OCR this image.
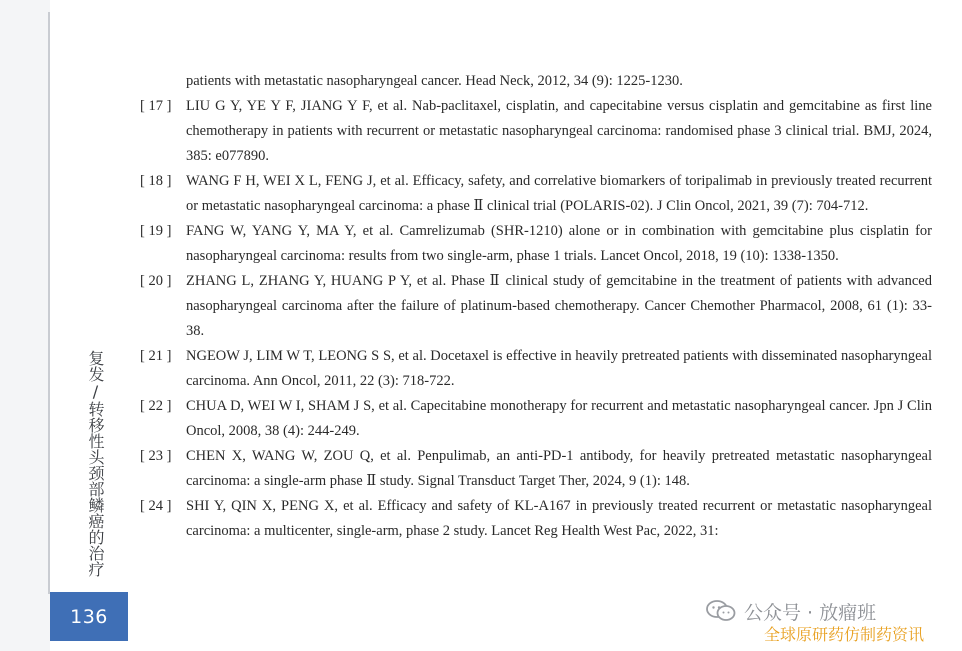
复发/转移性头颈部鳞癌的治疗
136
patients with metastatic nasopharyngeal cancer. Head Neck, 2012, 34 (9): 1225-1230.
[ 17 ]	LIU G Y, YE Y F, JIANG Y F, et al. Nab-paclitaxel, cisplatin, and capecitabine versus cisplatin and gemcitabine as first line chemotherapy in patients with recurrent or metastatic nasopharyngeal carcinoma: randomised phase 3 clinical trial. BMJ, 2024, 385: e077890.
[ 18 ]	WANG F H, WEI X L, FENG J, et al. Efficacy, safety, and correlative biomarkers of toripalimab in previously treated recurrent or metastatic nasopharyngeal carcinoma: a phase Ⅱ clinical trial (POLARIS-02). J Clin Oncol, 2021, 39 (7): 704-712.
[ 19 ]	FANG W, YANG Y, MA Y, et al. Camrelizumab (SHR-1210) alone or in combination with gemcitabine plus cisplatin for nasopharyngeal carcinoma: results from two single-arm, phase 1 trials. Lancet Oncol, 2018, 19 (10): 1338-1350.
[ 20 ]	ZHANG L, ZHANG Y, HUANG P Y, et al. Phase Ⅱ clinical study of gemcitabine in the treatment of patients with advanced nasopharyngeal carcinoma after the failure of platinum-based chemotherapy. Cancer Chemother Pharmacol, 2008, 61 (1): 33-38.
[ 21 ]	NGEOW J, LIM W T, LEONG S S, et al. Docetaxel is effective in heavily pretreated patients with disseminated nasopharyngeal carcinoma. Ann Oncol, 2011, 22 (3): 718-722.
[ 22 ]	CHUA D, WEI W I, SHAM J S, et al. Capecitabine monotherapy for recurrent and metastatic nasopharyngeal cancer. Jpn J Clin Oncol, 2008, 38 (4): 244-249.
[ 23 ]	CHEN X, WANG W, ZOU Q, et al. Penpulimab, an anti-PD-1 antibody, for heavily pretreated metastatic nasopharyngeal carcinoma: a single-arm phase Ⅱ study. Signal Transduct Target Ther, 2024, 9 (1): 148.
[ 24 ]	SHI Y, QIN X, PENG X, et al. Efficacy and safety of KL-A167 in previously treated recurrent or metastatic nasopharyngeal carcinoma: a multicenter, single-arm, phase 2 study. Lancet Reg Health West Pac, 2022, 31:
公众号 · 放瘤班
全球原研药仿制药资讯
